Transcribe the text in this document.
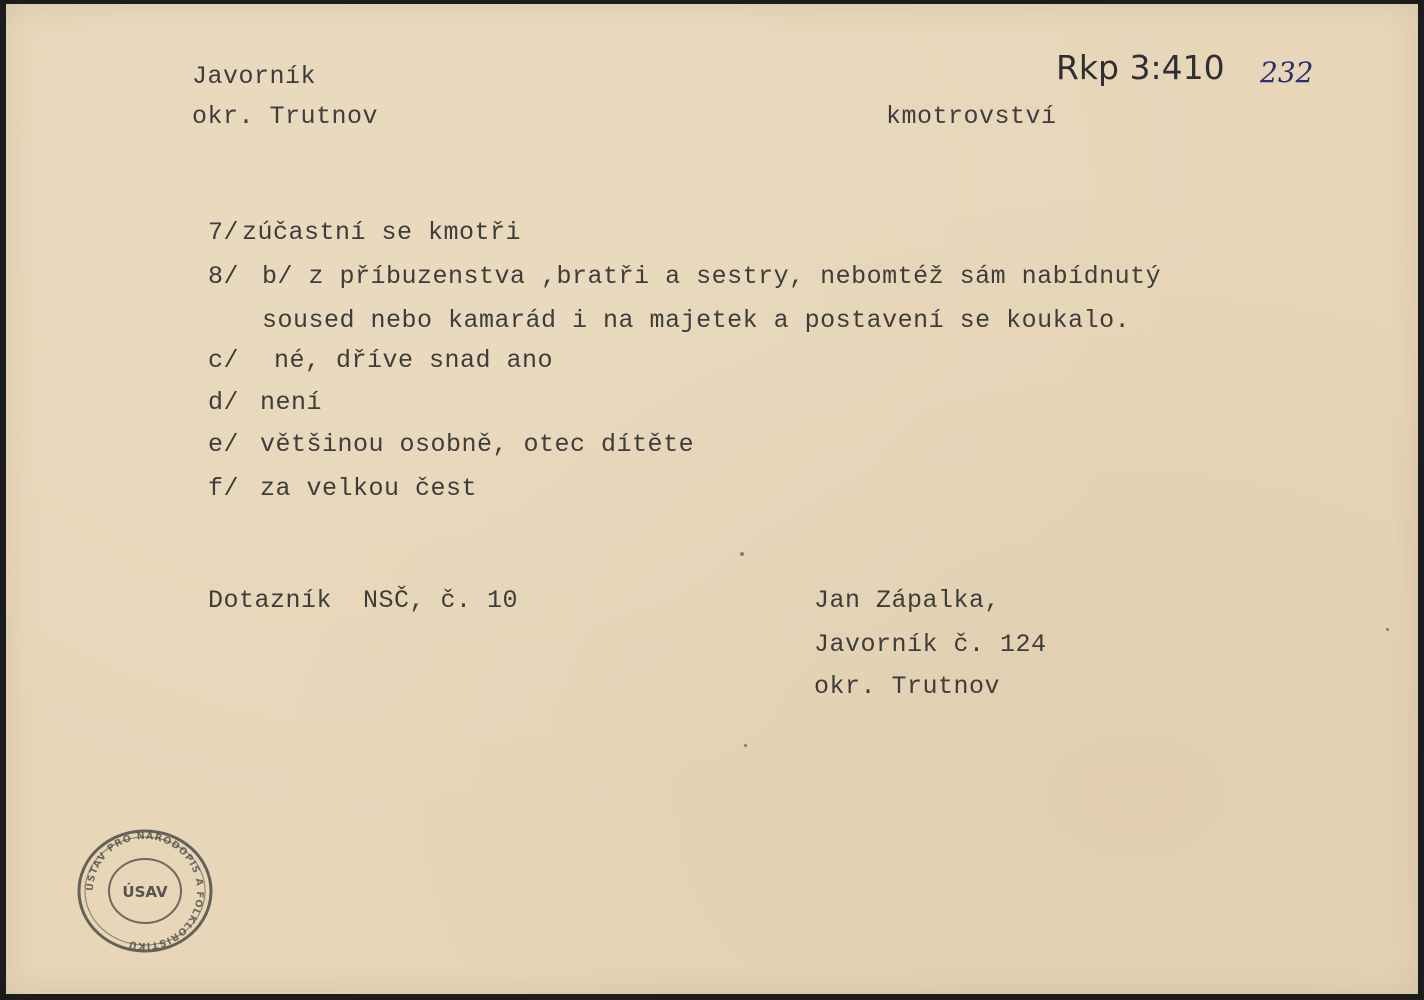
Javorník
okr. Trutnov	kmotrovství
Rkp 3:410 232
7/ zúčastní se kmotři
8/ b/ z příbuzenstva ,bratři a sestry, nebomtéž sám nabídnutý
soused nebo kamarád i na majetek a postavení se koukalo.
c/ né, dříve snad ano
d/ není
e/ většinou osobně, otec dítěte
f/ za velkou čest
Dotazník  NSČ, č. 10	Jan Zápalka,
Javorník č. 124
okr. Trutnov
ÚSTAV PRO NÁRODOPIS A FOLKLORISTIKU
ÚSAV
